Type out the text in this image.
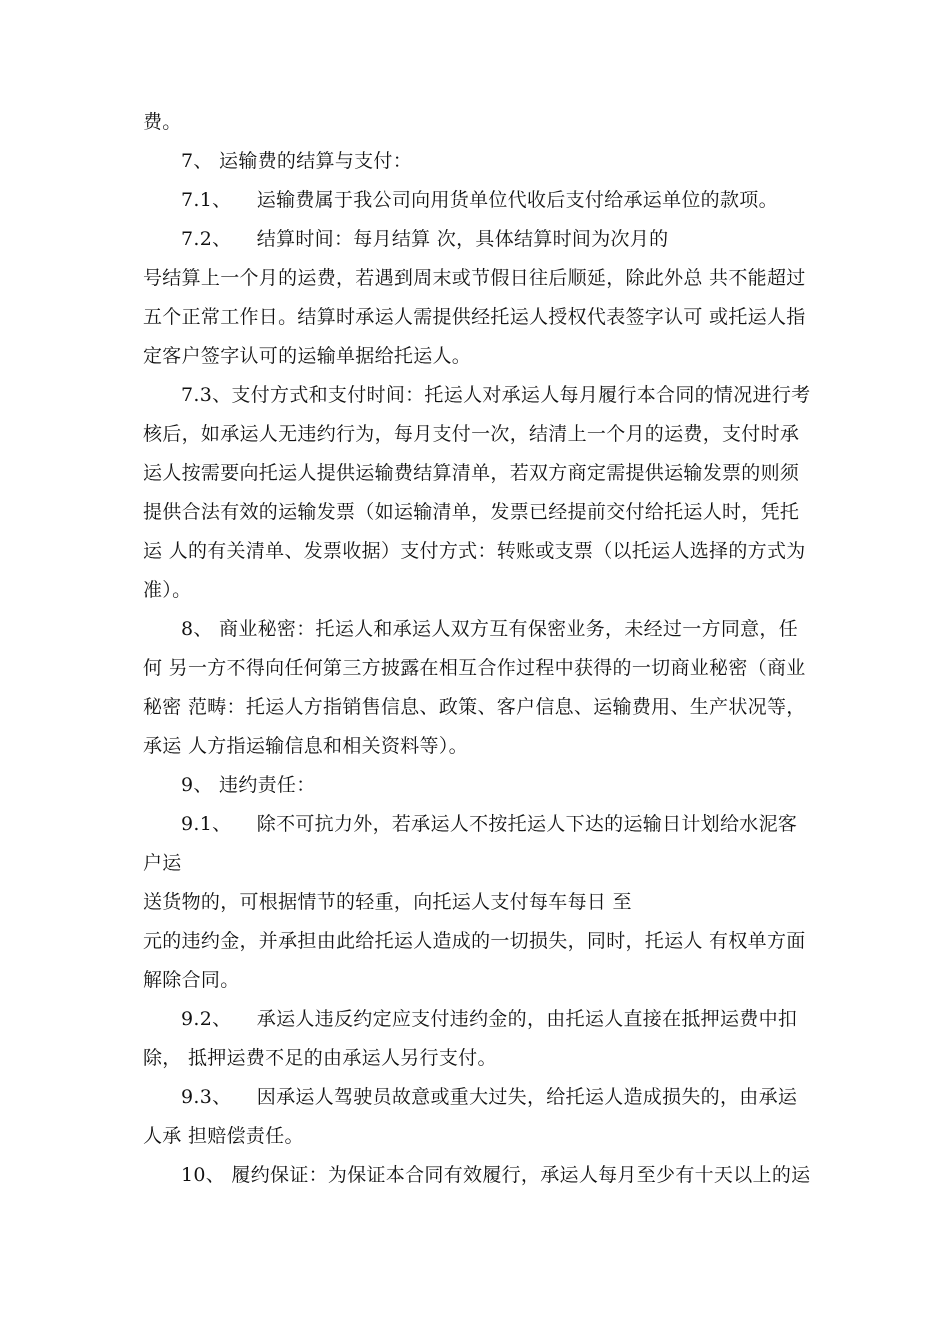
费。
7、 运输费的结算与支付：
7.1、    运输费属于我公司向用货单位代收后支付给承运单位的款项。
7.2、    结算时间：每月结算 次，具体结算时间为次月的
号结算上一个月的运费，若遇到周末或节假日往后顺延，除此外总 共不能超过
五个正常工作日。结算时承运人需提供经托运人授权代表签字认可 或托运人指
定客户签字认可的运输单据给托运人。
7.3、支付方式和支付时间：托运人对承运人每月履行本合同的情况进行考
核后，如承运人无违约行为，每月支付一次，结清上一个月的运费，支付时承
运人按需要向托运人提供运输费结算清单，若双方商定需提供运输发票的则须
提供合法有效的运输发票（如运输清单，发票已经提前交付给托运人时，凭托
运 人的有关清单、发票收据）支付方式：转账或支票（以托运人选择的方式为
准）。
8、 商业秘密：托运人和承运人双方互有保密业务，未经过一方同意，任
何 另一方不得向任何第三方披露在相互合作过程中获得的一切商业秘密（商业
秘密 范畴：托运人方指销售信息、政策、客户信息、运输费用、生产状况等，
承运 人方指运输信息和相关资料等）。
9、 违约责任：
9.1、    除不可抗力外，若承运人不按托运人下达的运输日计划给水泥客
户运
送货物的，可根据情节的轻重，向托运人支付每车每日 至
元的违约金，并承担由此给托运人造成的一切损失，同时，托运人 有权单方面
解除合同。
9.2、    承运人违反约定应支付违约金的，由托运人直接在抵押运费中扣
除， 抵押运费不足的由承运人另行支付。
9.3、    因承运人驾驶员故意或重大过失，给托运人造成损失的，由承运
人承 担赔偿责任。
10、 履约保证：为保证本合同有效履行，承运人每月至少有十天以上的运
